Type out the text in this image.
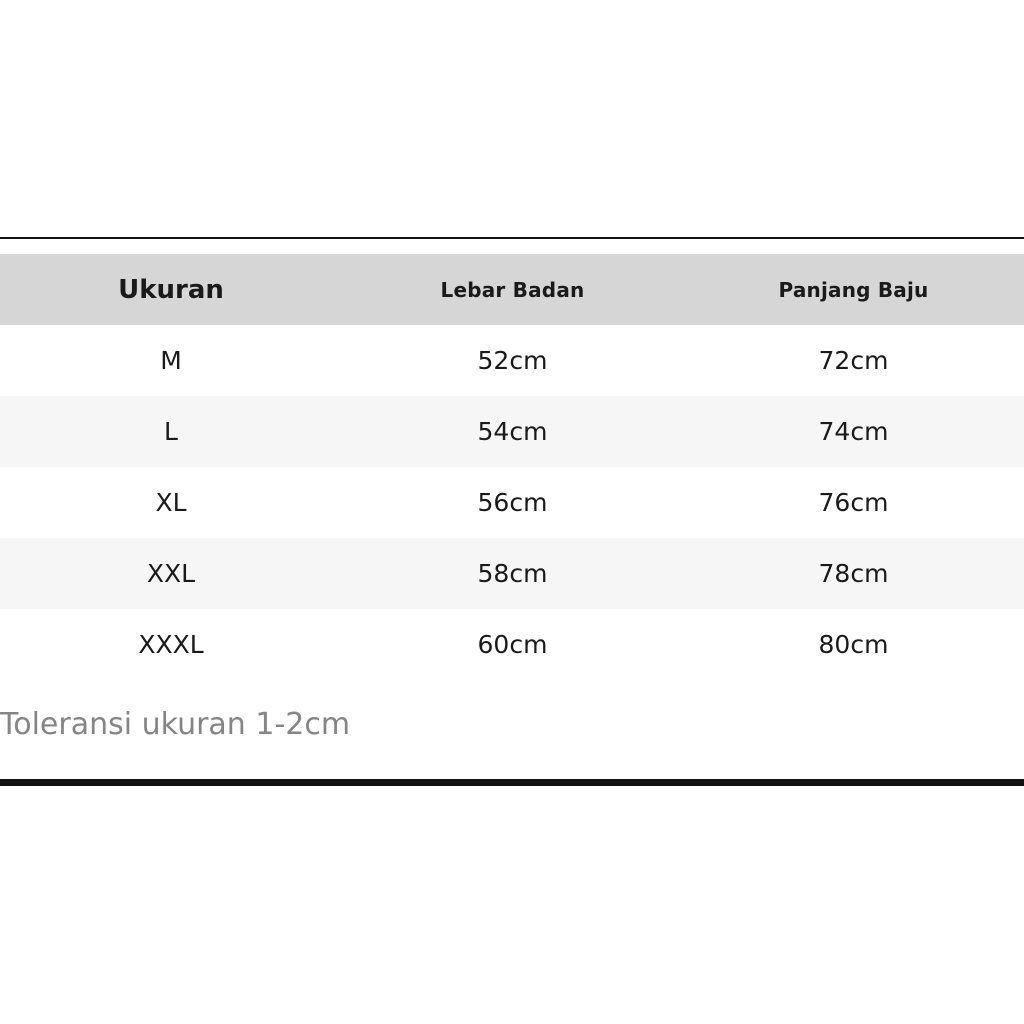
Ukuran	Lebar Badan	Panjang Baju
M	52cm	72cm
L	54cm	74cm
XL	56cm	76cm
XXL	58cm	78cm
XXXL	60cm	80cm
Toleransi ukuran 1-2cm
